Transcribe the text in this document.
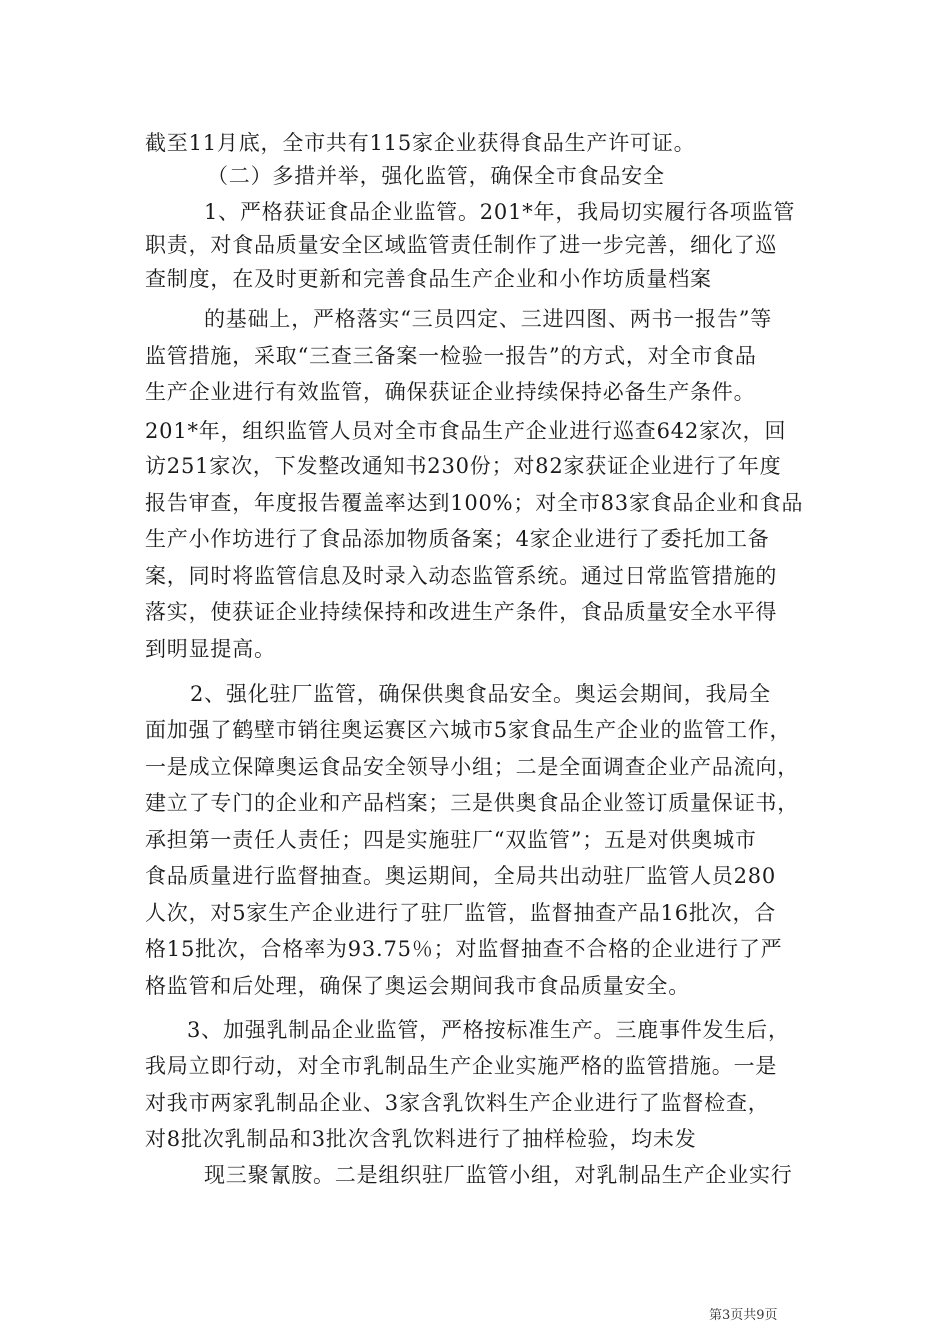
截至11月底，全市共有115家企业获得食品生产许可证。
（二）多措并举，强化监管，确保全市食品安全
1、严格获证食品企业监管。201*年，我局切实履行各项监管
职责，对食品质量安全区域监管责任制作了进一步完善，细化了巡
查制度，在及时更新和完善食品生产企业和小作坊质量档案
的基础上，严格落实“三员四定、三进四图、两书一报告”等
监管措施，采取“三查三备案一检验一报告”的方式，对全市食品
生产企业进行有效监管，确保获证企业持续保持必备生产条件。
201*年，组织监管人员对全市食品生产企业进行巡查642家次，回
访251家次，下发整改通知书230份；对82家获证企业进行了年度
报告审查，年度报告覆盖率达到100%；对全市83家食品企业和食品
生产小作坊进行了食品添加物质备案；4家企业进行了委托加工备
案，同时将监管信息及时录入动态监管系统。通过日常监管措施的
落实，使获证企业持续保持和改进生产条件，食品质量安全水平得
到明显提高。
2、强化驻厂监管，确保供奥食品安全。奥运会期间，我局全
面加强了鹤壁市销往奥运赛区六城市5家食品生产企业的监管工作，
一是成立保障奥运食品安全领导小组；二是全面调查企业产品流向，
建立了专门的企业和产品档案；三是供奥食品企业签订质量保证书，
承担第一责任人责任；四是实施驻厂“双监管”；五是对供奥城市
食品质量进行监督抽查。奥运期间，全局共出动驻厂监管人员280
人次，对5家生产企业进行了驻厂监管，监督抽查产品16批次，合
格15批次，合格率为93.75％；对监督抽查不合格的企业进行了严
格监管和后处理，确保了奥运会期间我市食品质量安全。
3、加强乳制品企业监管，严格按标准生产。三鹿事件发生后，
我局立即行动，对全市乳制品生产企业实施严格的监管措施。一是
对我市两家乳制品企业、3家含乳饮料生产企业进行了监督检查，
对8批次乳制品和3批次含乳饮料进行了抽样检验，均未发
现三聚氰胺。二是组织驻厂监管小组，对乳制品生产企业实行
第3页共9页
